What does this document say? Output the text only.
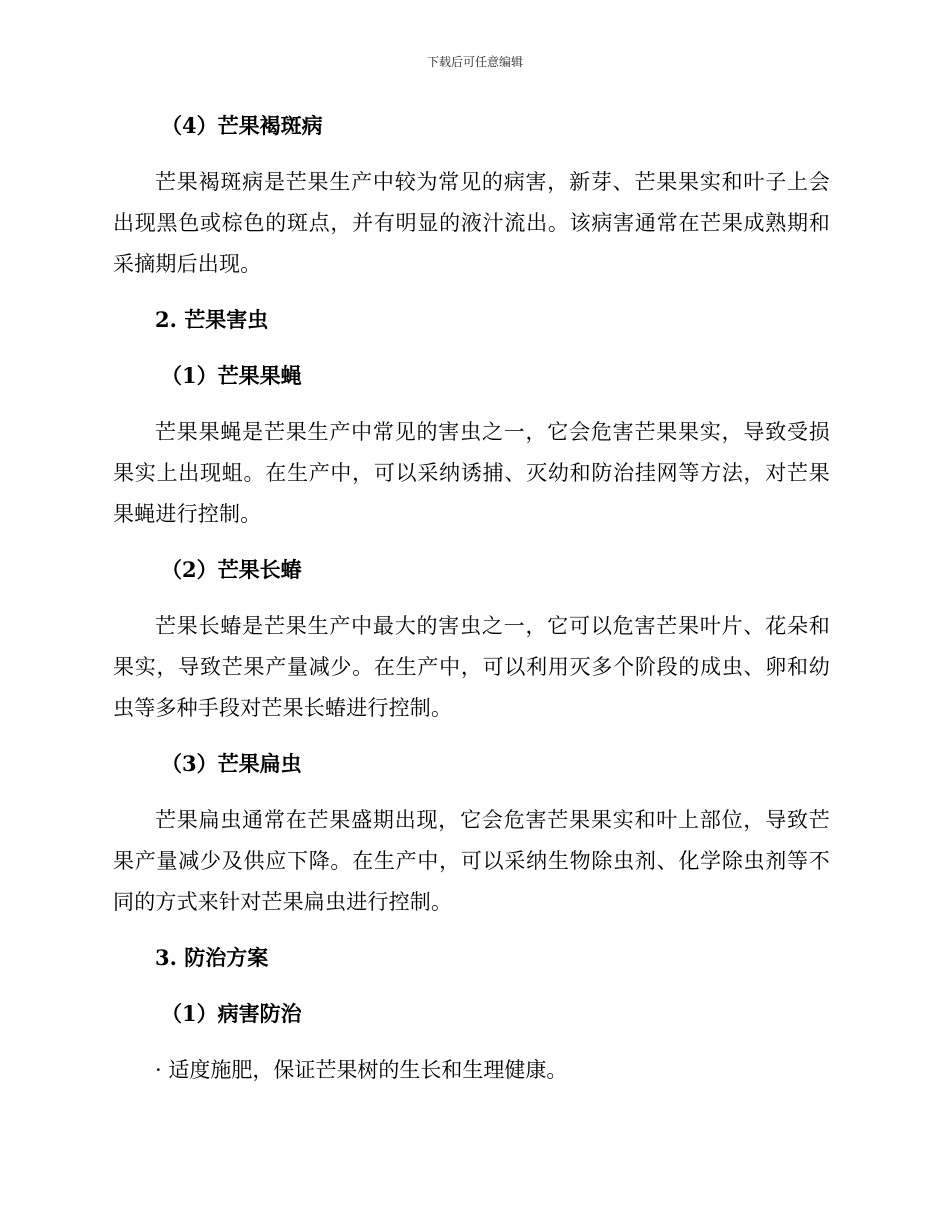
下载后可任意编辑
（4）芒果褐斑病
芒果褐斑病是芒果生产中较为常见的病害，新芽、芒果果实和叶子上会出现黑色或棕色的斑点，并有明显的液汁流出。该病害通常在芒果成熟期和采摘期后出现。
2. 芒果害虫
（1）芒果果蝇
芒果果蝇是芒果生产中常见的害虫之一，它会危害芒果果实，导致受损果实上出现蛆。在生产中，可以采纳诱捕、灭幼和防治挂网等方法，对芒果果蝇进行控制。
（2）芒果长蝽
芒果长蝽是芒果生产中最大的害虫之一，它可以危害芒果叶片、花朵和果实，导致芒果产量减少。在生产中，可以利用灭多个阶段的成虫、卵和幼虫等多种手段对芒果长蝽进行控制。
（3）芒果扁虫
芒果扁虫通常在芒果盛期出现，它会危害芒果果实和叶上部位，导致芒果产量减少及供应下降。在生产中，可以采纳生物除虫剂、化学除虫剂等不同的方式来针对芒果扁虫进行控制。
3. 防治方案
（1）病害防治
· 适度施肥，保证芒果树的生长和生理健康。
